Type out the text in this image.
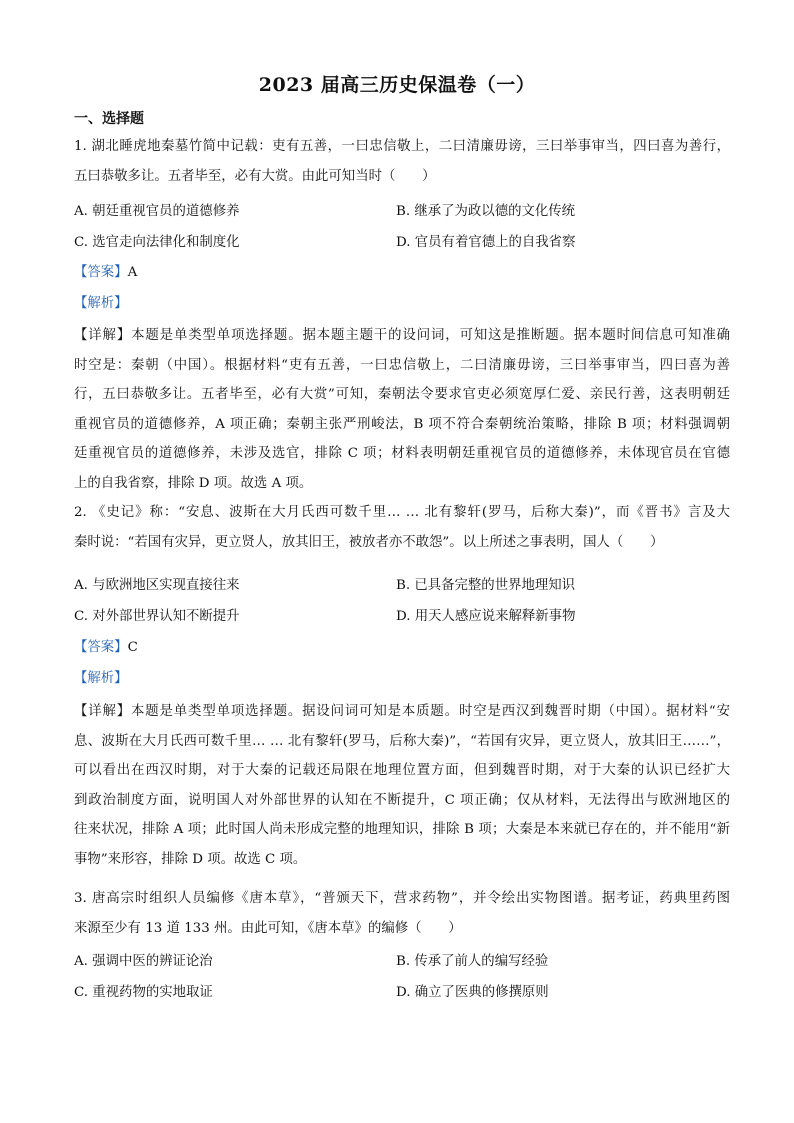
2023 届高三历史保温卷（一）
一、选择题
1. 湖北睡虎地秦墓竹简中记载：吏有五善，一曰忠信敬上，二曰清廉毋谤，三曰举事审当，四曰喜为善行，
五曰恭敬多让。五者毕至，必有大赏。由此可知当时（　　）
A. 朝廷重视官员的道德修养	B. 继承了为政以德的文化传统
C. 选官走向法律化和制度化	D. 官员有着官德上的自我省察
【答案】A
【解析】
【详解】本题是单类型单项选择题。据本题主题干的设问词，可知这是推断题。据本题时间信息可知准确
时空是：秦朝（中国）。根据材料“吏有五善，一曰忠信敬上，二曰清廉毋谤，三曰举事审当，四曰喜为善
行，五曰恭敬多让。五者毕至，必有大赏”可知，秦朝法令要求官吏必须宽厚仁爱、亲民行善，这表明朝廷
重视官员的道德修养，A 项正确；秦朝主张严刑峻法，B 项不符合秦朝统治策略，排除 B 项；材料强调朝
廷重视官员的道德修养，未涉及选官，排除 C 项；材料表明朝廷重视官员的道德修养，未体现官员在官德
上的自我省察，排除 D 项。故选 A 项。
2. 《史记》称：“安息、波斯在大月氏西可数千里… … 北有黎轩(罗马，后称大秦)”，而《晋书》言及大
秦时说：“若国有灾异，更立贤人，放其旧王，被放者亦不敢怨”。以上所述之事表明，国人（　　）
A. 与欧洲地区实现直接往来	B. 已具备完整的世界地理知识
C. 对外部世界认知不断提升	D. 用天人感应说来解释新事物
【答案】C
【解析】
【详解】本题是单类型单项选择题。据设问词可知是本质题。时空是西汉到魏晋时期（中国）。据材料“安
息、波斯在大月氏西可数千里… … 北有黎轩(罗马，后称大秦)”，“若国有灾异，更立贤人，放其旧王……”，
可以看出在西汉时期，对于大秦的记载还局限在地理位置方面，但到魏晋时期，对于大秦的认识已经扩大
到政治制度方面，说明国人对外部世界的认知在不断提升，C 项正确；仅从材料，无法得出与欧洲地区的
往来状况，排除 A 项；此时国人尚未形成完整的地理知识，排除 B 项；大秦是本来就已存在的，并不能用“新
事物”来形容，排除 D 项。故选 C 项。
3. 唐高宗时组织人员编修《唐本草》，“普颁天下，营求药物”，并令绘出实物图谱。据考证，药典里药图
来源至少有 13 道 133 州。由此可知，《唐本草》的编修（　　）
A. 强调中医的辨证论治	B. 传承了前人的编写经验
C. 重视药物的实地取证	D. 确立了医典的修撰原则
